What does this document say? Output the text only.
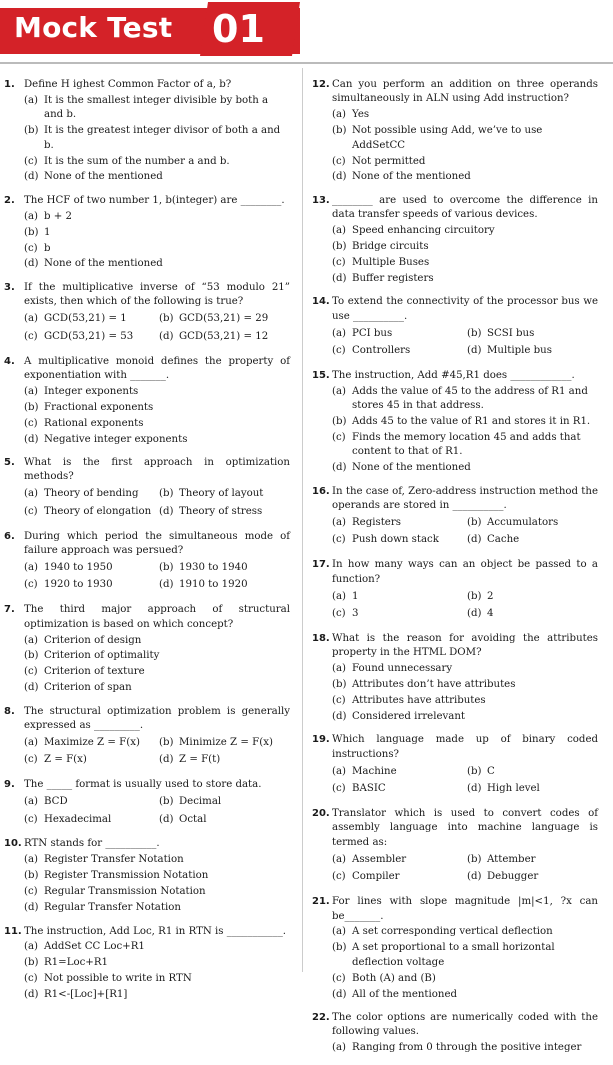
Mock Test 01
1. Define H ighest Common Factor of a, b?
(a) It is the smallest integer divisible by both a and b.
(b) It is the greatest integer divisor of both a and b.
(c) It is the sum of the number a and b.
(d) None of the mentioned
2. The HCF of two number 1, b(integer) are ________.
(a) b + 2
(b) 1
(c) b
(d) None of the mentioned
3. If the multiplicative inverse of “53 modulo 21” exists, then which of the following is true?
(a) GCD(53,21) = 1	(b) GCD(53,21) = 29
(c) GCD(53,21) = 53	(d) GCD(53,21) = 12
4. A multiplicative monoid defines the property of exponentiation with _______.
(a) Integer exponents
(b) Fractional exponents
(c) Rational exponents
(d) Negative integer exponents
5. What is the first approach in optimization methods?
(a) Theory of bending	(b) Theory of layout
(c) Theory of elongation (d) Theory of stress
6. During which period the simultaneous mode of failure approach was persued?
(a) 1940 to 1950	(b) 1930 to 1940
(c) 1920 to 1930	(d) 1910 to 1920
7. The third major approach of structural optimization is based on which concept?
(a) Criterion of design
(b) Criterion of optimality
(c) Criterion of texture
(d) Criterion of span
8. The structural optimization problem is generally expressed as _________.
(a) Maximize Z = F(x)	(b) Minimize Z = F(x)
(c) Z = F(x)	(d) Z = F(t)
9. The _____ format is usually used to store data.
(a) BCD	(b) Decimal
(c) Hexadecimal	(d) Octal
10. RTN stands for __________.
(a) Register Transfer Notation
(b) Register Transmission Notation
(c) Regular Transmission Notation
(d) Regular Transfer Notation
11. The instruction, Add Loc, R1 in RTN is ___________.
(a) AddSet CC Loc+R1
(b) R1=Loc+R1
(c) Not possible to write in RTN
(d) R1<-[Loc]+[R1]
12. Can you perform an addition on three operands simultaneously in ALN using Add instruction?
(a) Yes
(b) Not possible using Add, we’ve to use AddSetCC
(c) Not permitted
(d) None of the mentioned
13. ________ are used to overcome the difference in data transfer speeds of various devices.
(a) Speed enhancing circuitory
(b) Bridge circuits
(c) Multiple Buses
(d) Buffer registers
14. To extend the connectivity of the processor bus we use __________.
(a) PCI bus	(b) SCSI bus
(c) Controllers	(d) Multiple bus
15. The instruction, Add #45,R1 does ____________.
(a) Adds the value of 45 to the address of R1 and stores 45 in that address.
(b) Adds 45 to the value of R1 and stores it in R1.
(c) Finds the memory location 45 and adds that content to that of R1.
(d) None of the mentioned
16. In the case of, Zero-address instruction method the operands are stored in __________.
(a) Registers	(b) Accumulators
(c) Push down stack	(d) Cache
17. In how many ways can an object be passed to a function?
(a) 1	(b) 2
(c) 3	(d) 4
18. What is the reason for avoiding the attributes property in the HTML DOM?
(a) Found unnecessary
(b) Attributes don’t have attributes
(c) Attributes have attributes
(d) Considered irrelevant
19. Which language made up of binary coded instructions?
(a) Machine	(b) C
(c) BASIC	(d) High level
20. Translator which is used to convert codes of assembly language into machine language is termed as:
(a) Assembler	(b) Attember
(c) Compiler	(d) Debugger
21. For lines with slope magnitude |m|<1, ?x can be_______.
(a) A set corresponding vertical deflection
(b) A set proportional to a small horizontal deflection voltage
(c) Both (A) and (B)
(d) All of the mentioned
22. The color options are numerically coded with the following values.
(a) Ranging from 0 through the positive integer
